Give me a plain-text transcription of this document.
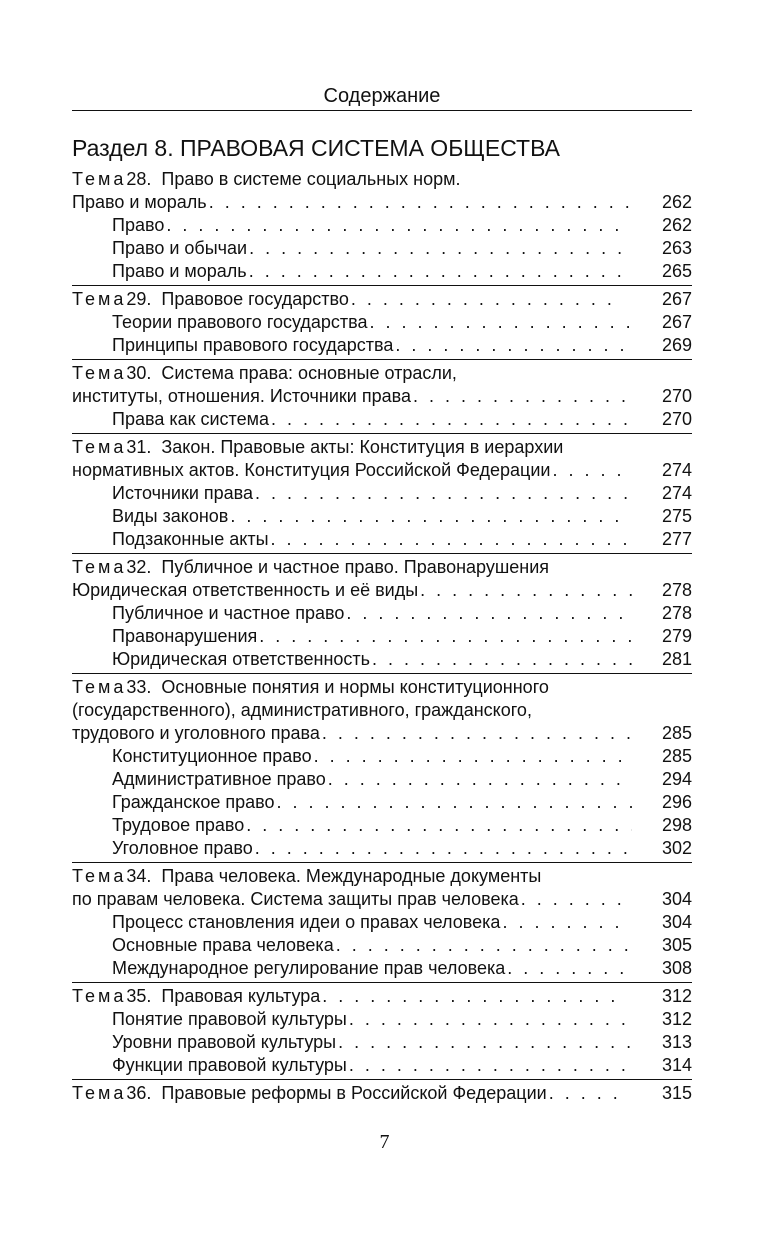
Содержание
Раздел 8. ПРАВОВАЯ СИСТЕМА ОБЩЕСТВА
Тема28. Право в системе социальных норм.
Право и мораль . . .	262
Право . . .	262
Право и обычаи . . .	263
Право и мораль . . .	265
Тема29. Правовое государство . . .	267
Теории правового государства . . .	267
Принципы правового государства . . .	269
Тема30. Система права: основные отрасли,
институты, отношения. Источники права . . .	270
Права как система . . .	270
Тема31. Закон. Правовые акты: Конституция в иерархии
нормативных актов. Конституция Российской Федерации . . .	274
Источники права . . .	274
Виды законов . . .	275
Подзаконные акты . . .	277
Тема32. Публичное и частное право. Правонарушения
Юридическая ответственность и её виды . . .	278
Публичное и частное право . . .	278
Правонарушения . . .	279
Юридическая ответственность . . .	281
Тема33. Основные понятия и нормы конституционного
(государственного), административного, гражданского,
трудового и уголовного права . . .	285
Конституционное право . . .	285
Административное право . . .	294
Гражданское право . . .	296
Трудовое право . . .	298
Уголовное право . . .	302
Тема34. Права человека. Международные документы
по правам человека. Система защиты прав человека . . .	304
Процесс становления идеи о правах человека . . .	304
Основные права человека . . .	305
Международное регулирование прав человека . . .	308
Тема35. Правовая культура . . .	312
Понятие правовой культуры . . .	312
Уровни правовой культуры . . .	313
Функции правовой культуры . . .	314
Тема36. Правовые реформы в Российской Федерации . . .	315
7
